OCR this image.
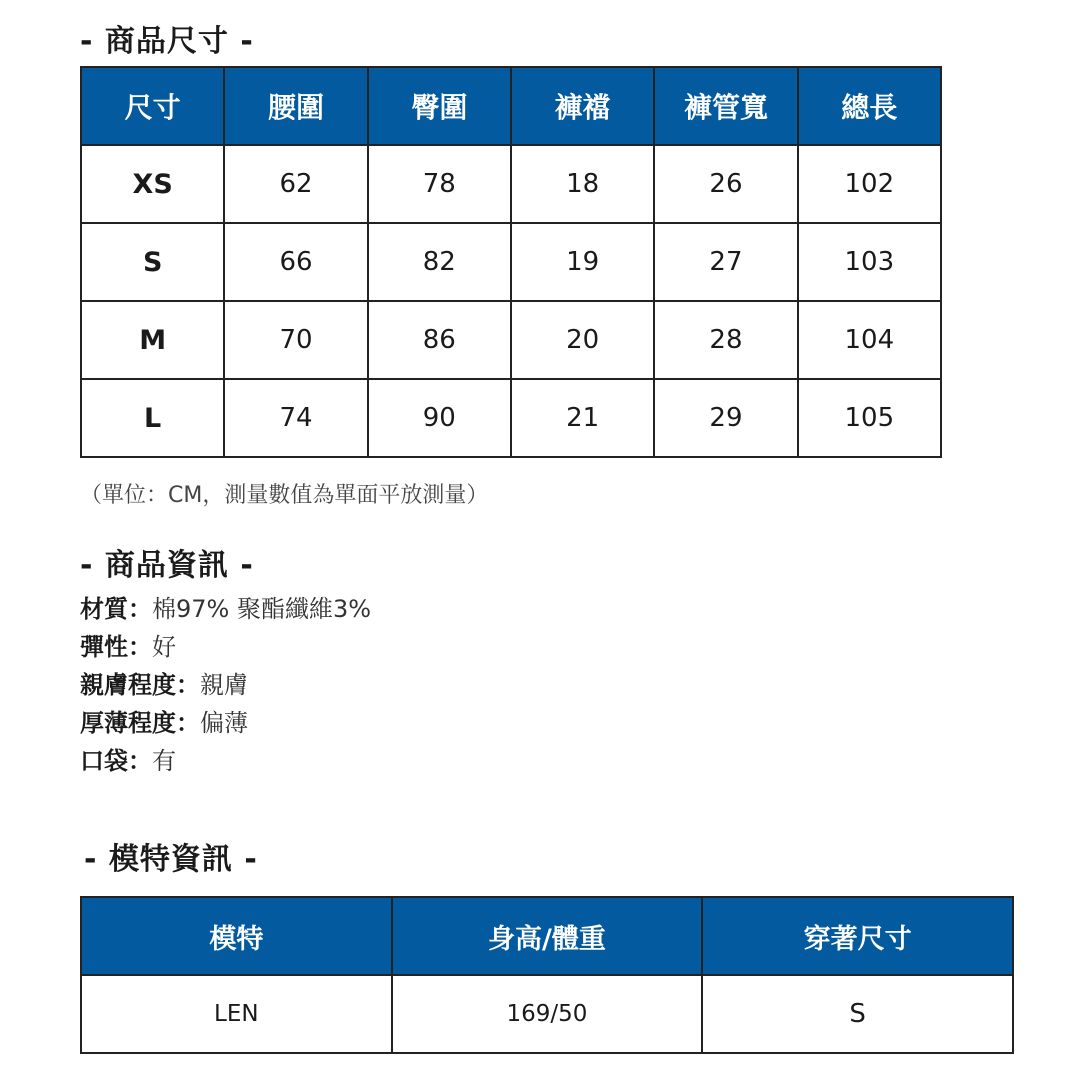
- 商品尺寸 -
尺寸	腰圍	臀圍	褲襠	褲管寬	總長
XS	62	78	18	26	102
S	66	82	19	27	103
M	70	86	20	28	104
L	74	90	21	29	105
（單位：CM，測量數值為單面平放測量）
- 商品資訊 -
材質：棉97% 聚酯纖維3%
彈性：好
親膚程度：親膚
厚薄程度：偏薄
口袋：有
- 模特資訊 -
模特	身高/體重	穿著尺寸
LEN	169/50	S
